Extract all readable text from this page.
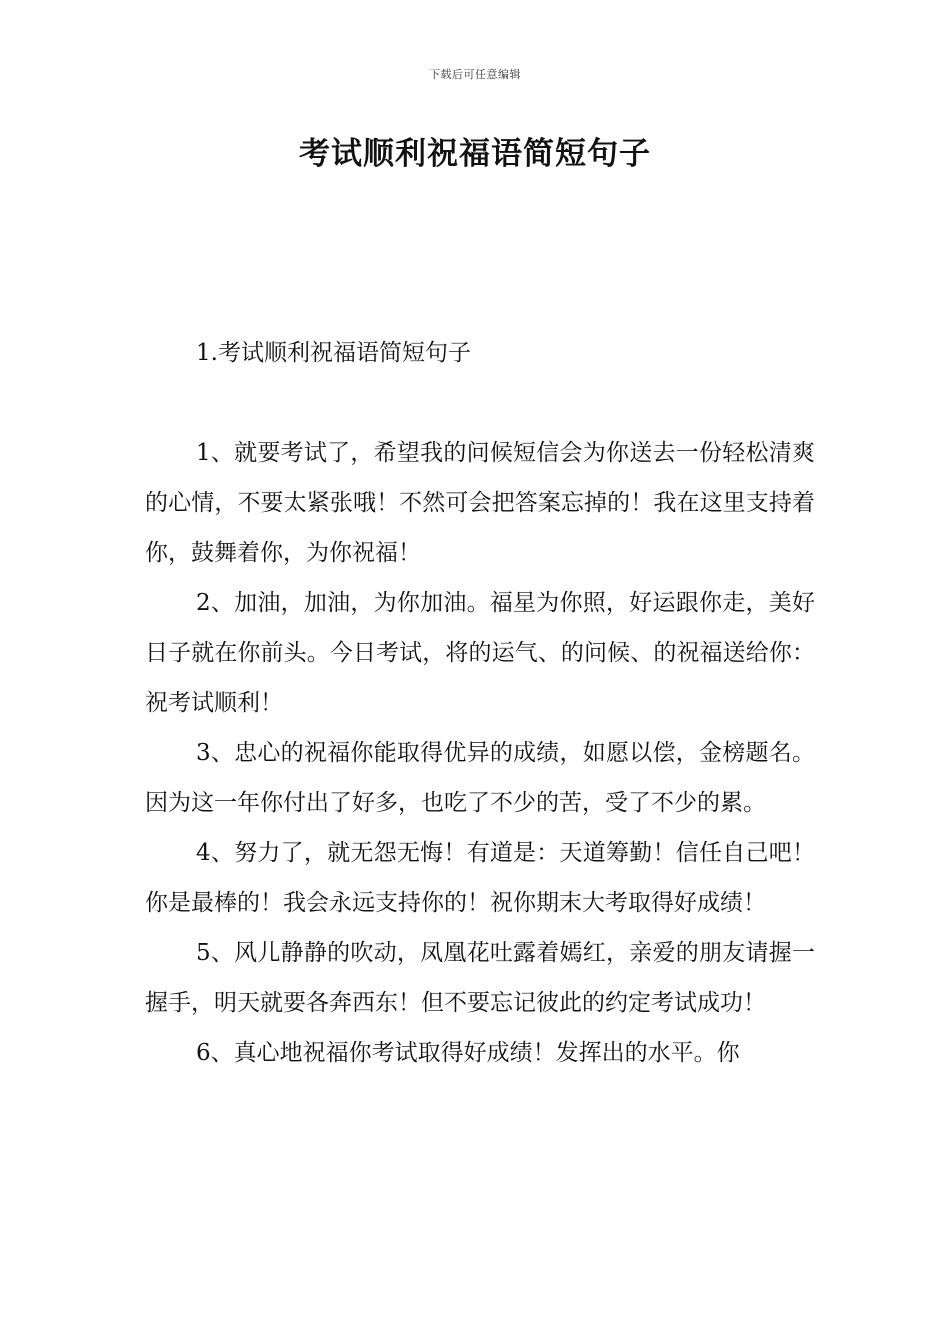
下载后可任意编辑
考试顺利祝福语简短句子
1.考试顺利祝福语简短句子

1、就要考试了，希望我的问候短信会为你送去一份轻松清爽的心情，不要太紧张哦！不然可会把答案忘掉的！我在这里支持着你，鼓舞着你，为你祝福！

2、加油，加油，为你加油。福星为你照，好运跟你走，美好日子就在你前头。今日考试，将的运气、的问候、的祝福送给你：祝考试顺利！

3、忠心的祝福你能取得优异的成绩，如愿以偿，金榜题名。因为这一年你付出了好多，也吃了不少的苦，受了不少的累。

4、努力了，就无怨无悔！有道是：天道筹勤！信任自己吧！你是最棒的！我会永远支持你的！祝你期末大考取得好成绩！

5、风儿静静的吹动，凤凰花吐露着嫣红，亲爱的朋友请握一握手，明天就要各奔西东！但不要忘记彼此的约定考试成功！

6、真心地祝福你考试取得好成绩！发挥出的水平。你
